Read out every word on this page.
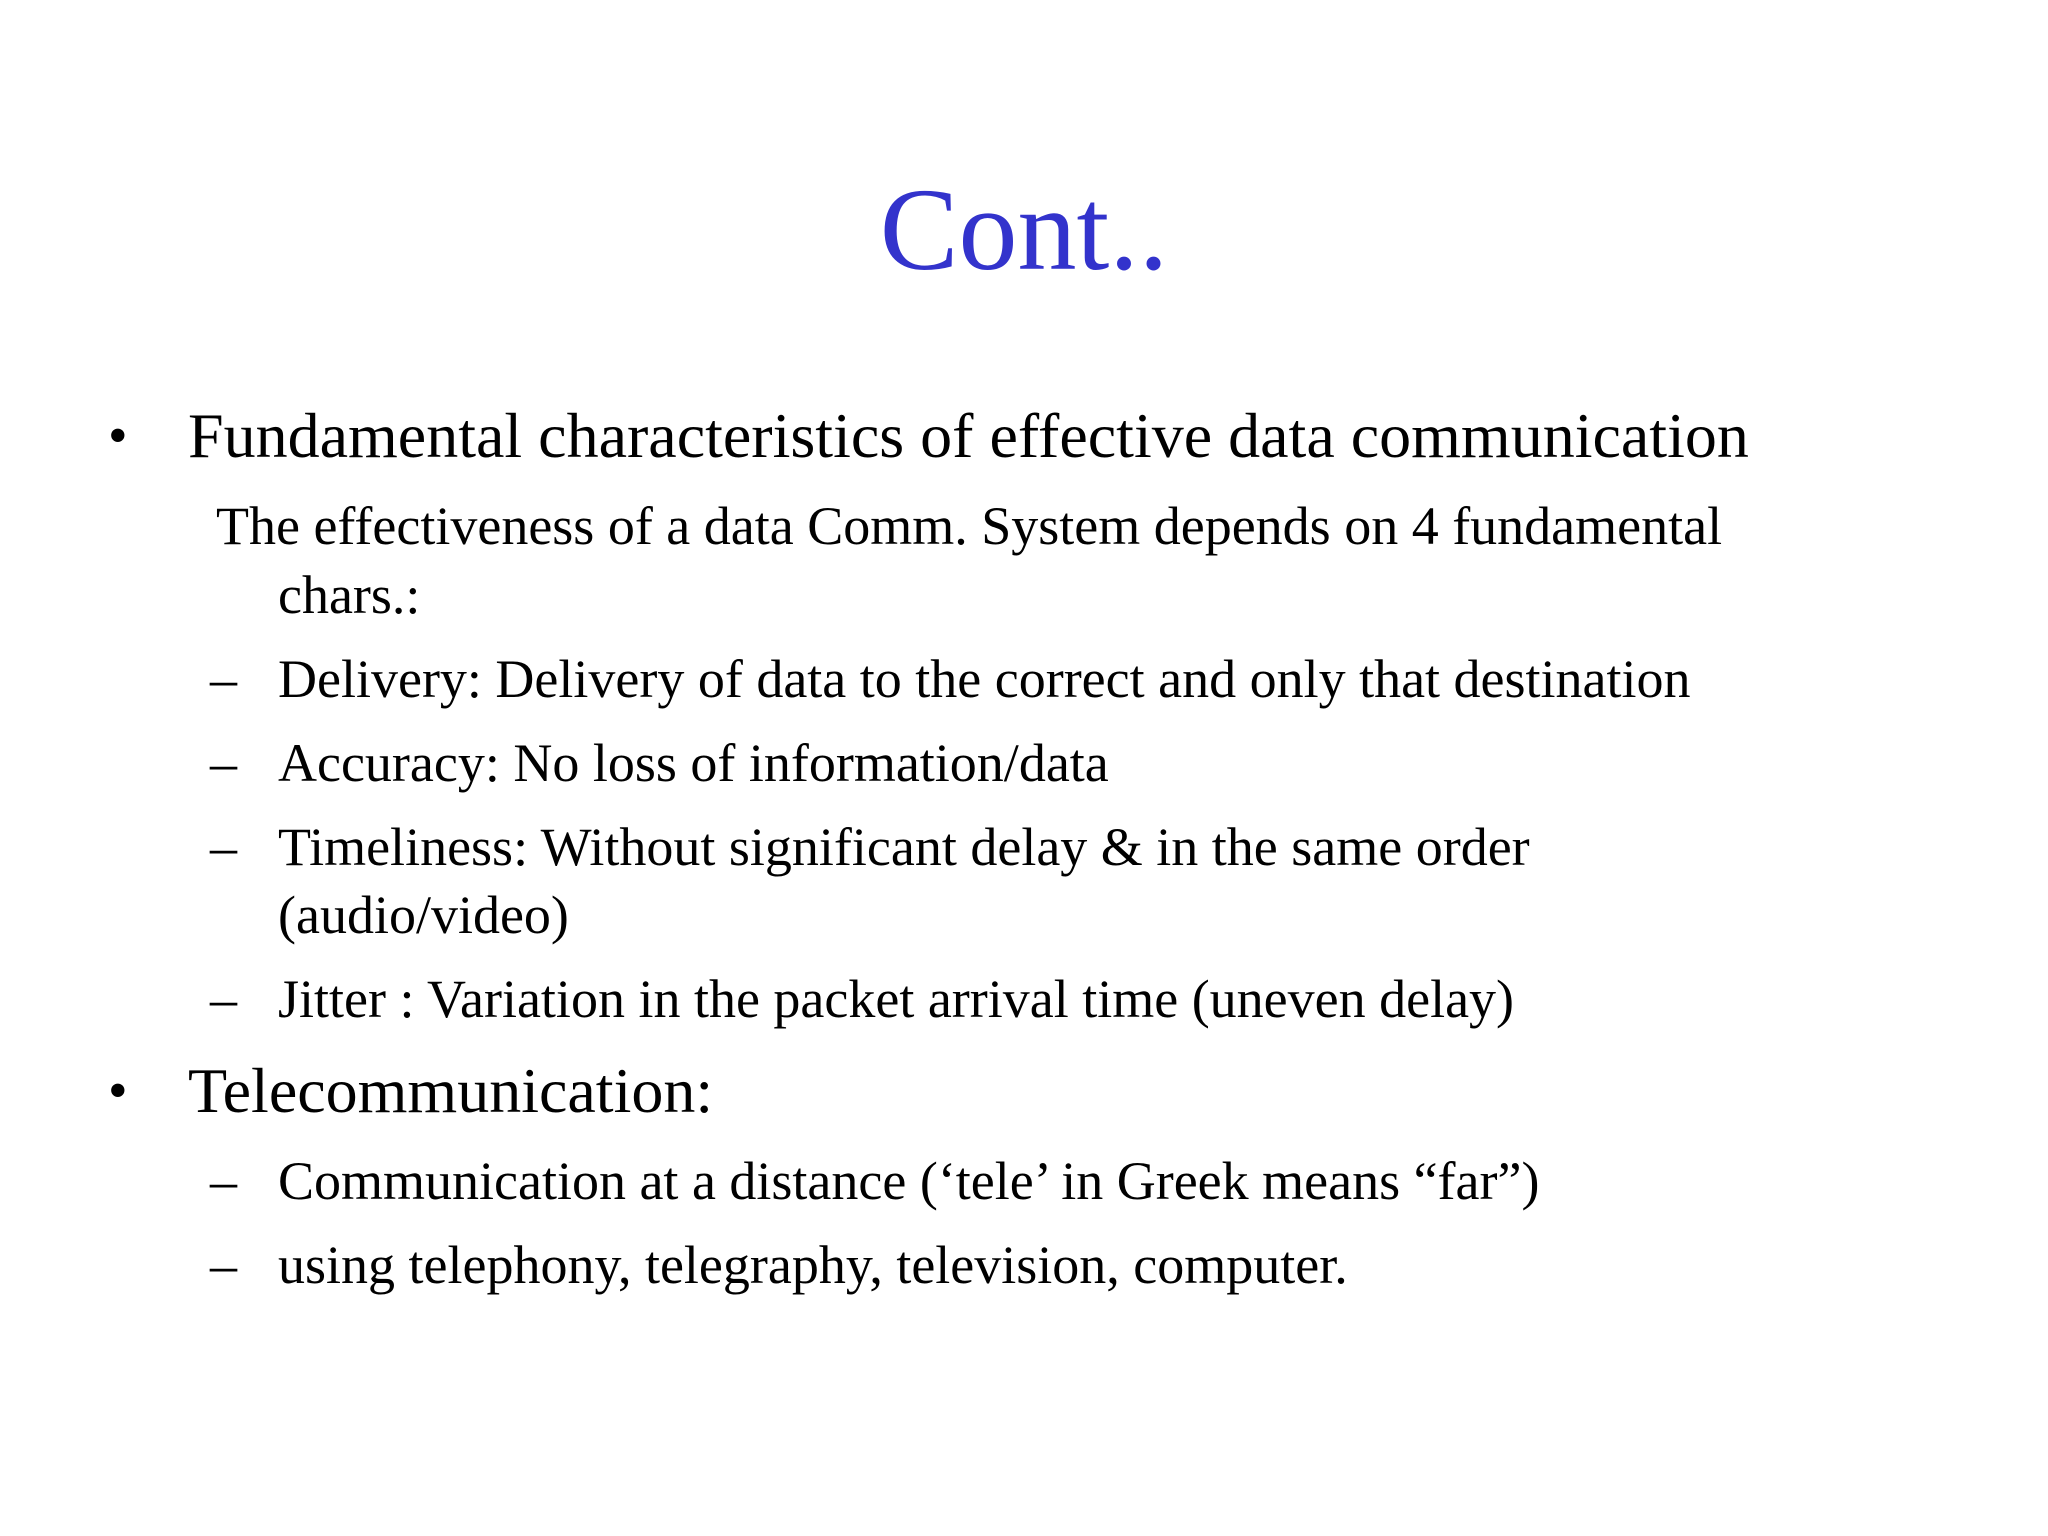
Cont..
• Fundamental characteristics of effective data communication
The effectiveness of a data Comm. System depends on 4 fundamental
chars.:
– Delivery: Delivery of data to the correct and only that destination
– Accuracy: No loss of information/data
– Timeliness: Without significant delay & in the same order
(audio/video)
– Jitter : Variation in the packet arrival time (uneven delay)
• Telecommunication:
– Communication at a distance (‘tele’ in Greek means “far”)
– using telephony, telegraphy, television, computer.
